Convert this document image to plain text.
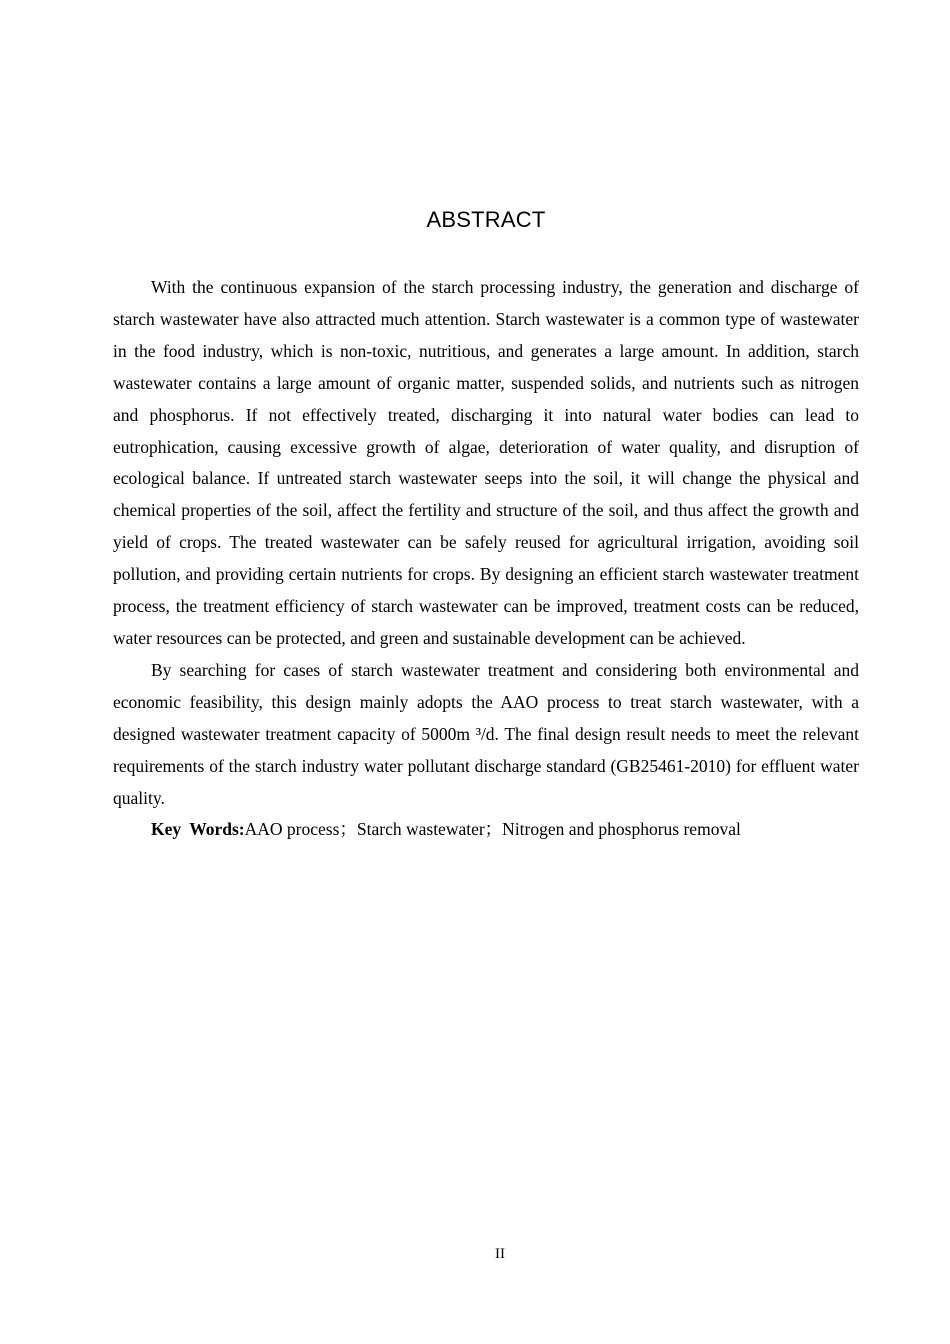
ABSTRACT

With the continuous expansion of the starch processing industry, the generation and discharge of starch wastewater have also attracted much attention. Starch wastewater is a common type of wastewater in the food industry, which is non-toxic, nutritious, and generates a large amount. In addition, starch wastewater contains a large amount of organic matter, suspended solids, and nutrients such as nitrogen and phosphorus. If not effectively treated, discharging it into natural water bodies can lead to eutrophication, causing excessive growth of algae, deterioration of water quality, and disruption of ecological balance. If untreated starch wastewater seeps into the soil, it will change the physical and chemical properties of the soil, affect the fertility and structure of the soil, and thus affect the growth and yield of crops. The treated wastewater can be safely reused for agricultural irrigation, avoiding soil pollution, and providing certain nutrients for crops. By designing an efficient starch wastewater treatment process, the treatment efficiency of starch wastewater can be improved, treatment costs can be reduced, water resources can be protected, and green and sustainable development can be achieved.

By searching for cases of starch wastewater treatment and considering both environmental and economic feasibility, this design mainly adopts the AAO process to treat starch wastewater, with a designed wastewater treatment capacity of 5000m ³/d. The final design result needs to meet the relevant requirements of the starch industry water pollutant discharge standard (GB25461-2010) for effluent water quality.

Key Words:AAO process；Starch wastewater；Nitrogen and phosphorus removal

II
